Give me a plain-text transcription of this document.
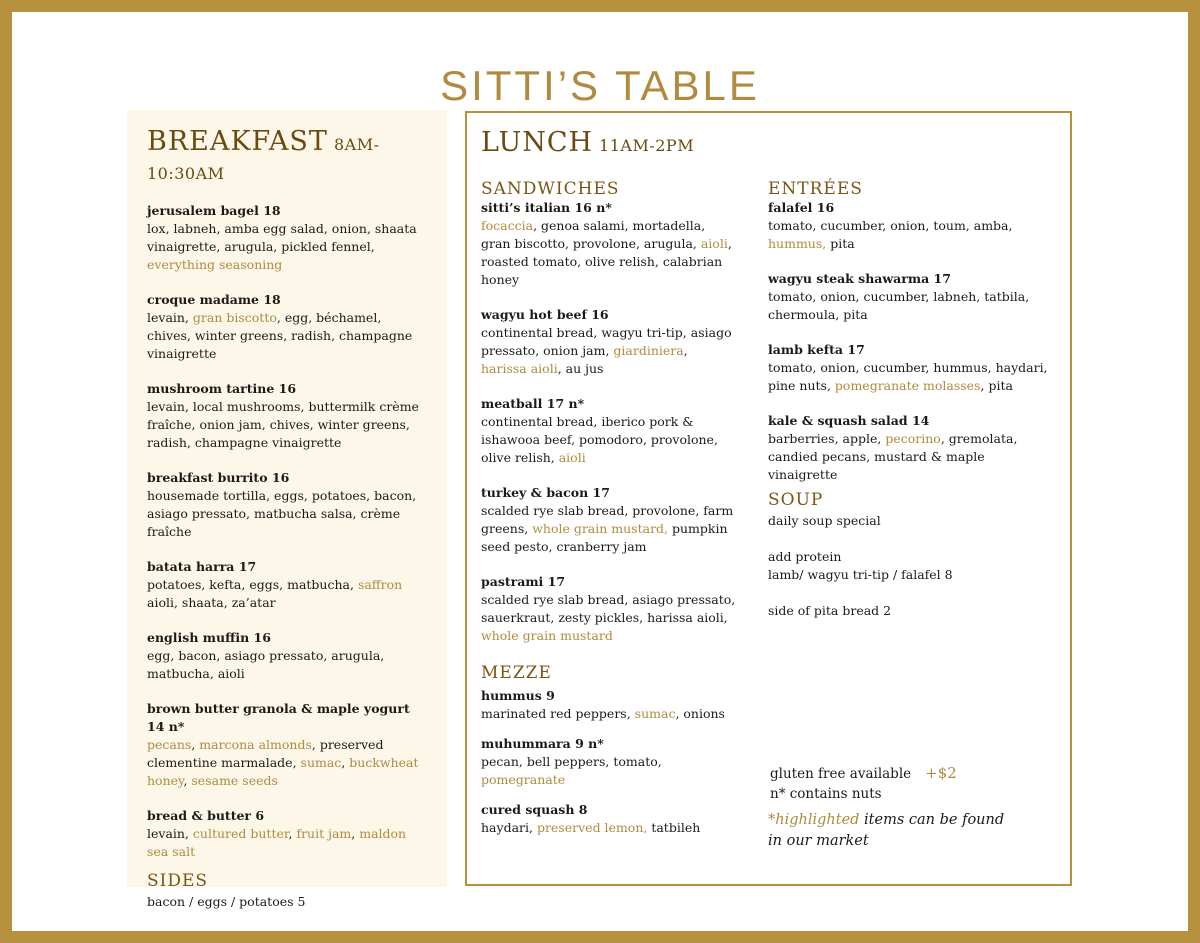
SITTI’S TABLE
BREAKFAST 8AM-10:30AM
jerusalem bagel 18
lox, labneh, amba egg salad, onion, shaata vinaigrette, arugula, pickled fennel, everything seasoning
croque madame 18
levain, gran biscotto, egg, béchamel, chives, winter greens, radish, champagne vinaigrette
mushroom tartine 16
levain, local mushrooms, buttermilk crème fraîche, onion jam, chives, winter greens, radish, champagne vinaigrette
breakfast burrito 16
housemade tortilla, eggs, potatoes, bacon, asiago pressato, matbucha salsa, crème fraîche
batata harra 17
potatoes, kefta, eggs, matbucha, saffron aioli, shaata, za’atar
english muffin 16
egg, bacon, asiago pressato, arugula, matbucha, aioli
brown butter granola & maple yogurt 14 n*
pecans, marcona almonds, preserved clementine marmalade, sumac, buckwheat honey, sesame seeds
bread & butter 6
levain, cultured butter, fruit jam, maldon sea salt
SIDES
bacon / eggs / potatoes 5
LUNCH 11AM-2PM
SANDWICHES
sitti’s italian 16 n*
focaccia, genoa salami, mortadella, gran biscotto, provolone, arugula, aioli, roasted tomato, olive relish, calabrian honey
wagyu hot beef 16
continental bread, wagyu tri-tip, asiago pressato, onion jam, giardiniera, harissa aioli, au jus
meatball 17 n*
continental bread, iberico pork & ishawooa beef, pomodoro, provolone, olive relish, aioli
turkey & bacon 17
scalded rye slab bread, provolone, farm greens, whole grain mustard, pumpkin seed pesto, cranberry jam
pastrami 17
scalded rye slab bread, asiago pressato, sauerkraut, zesty pickles, harissa aioli, whole grain mustard
MEZZE
hummus 9
marinated red peppers, sumac, onions
muhummara 9 n*
pecan, bell peppers, tomato, pomegranate
cured squash 8
haydari, preserved lemon, tatbileh
ENTRÉES
falafel 16
tomato, cucumber, onion, toum, amba, hummus, pita
wagyu steak shawarma 17
tomato, onion, cucumber, labneh, tatbila, chermoula, pita
lamb kefta 17
tomato, onion, cucumber, hummus, haydari, pine nuts, pomegranate molasses, pita
kale & squash salad 14
barberries, apple, pecorino, gremolata, candied pecans, mustard & maple vinaigrette
SOUP
daily soup special
add protein
lamb/ wagyu tri-tip / falafel 8
side of pita bread 2
gluten free available +$2
n* contains nuts
*highlighted items can be found
in our market
